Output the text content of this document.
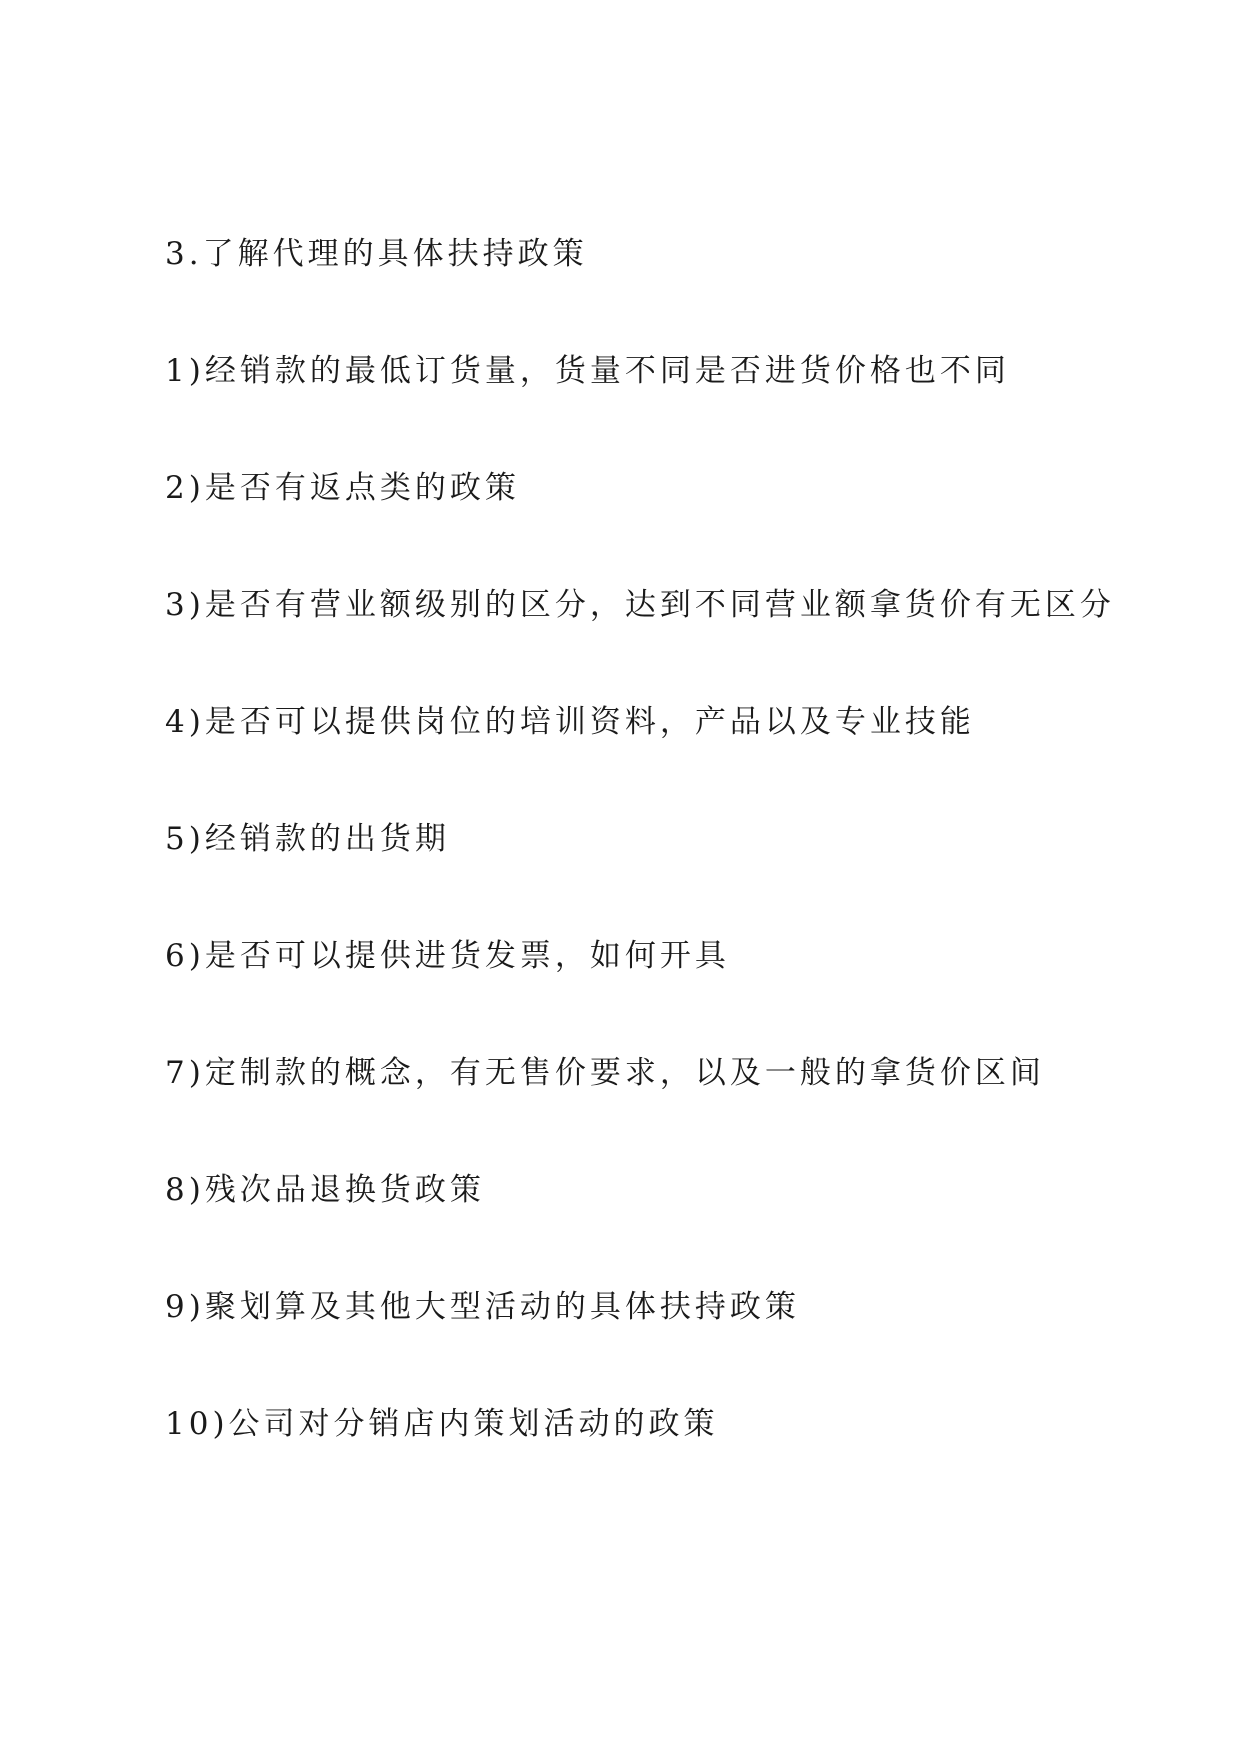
3.了解代理的具体扶持政策
1)经销款的最低订货量，货量不同是否进货价格也不同
2)是否有返点类的政策
3)是否有营业额级别的区分，达到不同营业额拿货价有无区分
4)是否可以提供岗位的培训资料，产品以及专业技能
5)经销款的出货期
6)是否可以提供进货发票，如何开具
7)定制款的概念，有无售价要求，以及一般的拿货价区间
8)残次品退换货政策
9)聚划算及其他大型活动的具体扶持政策
10)公司对分销店内策划活动的政策
